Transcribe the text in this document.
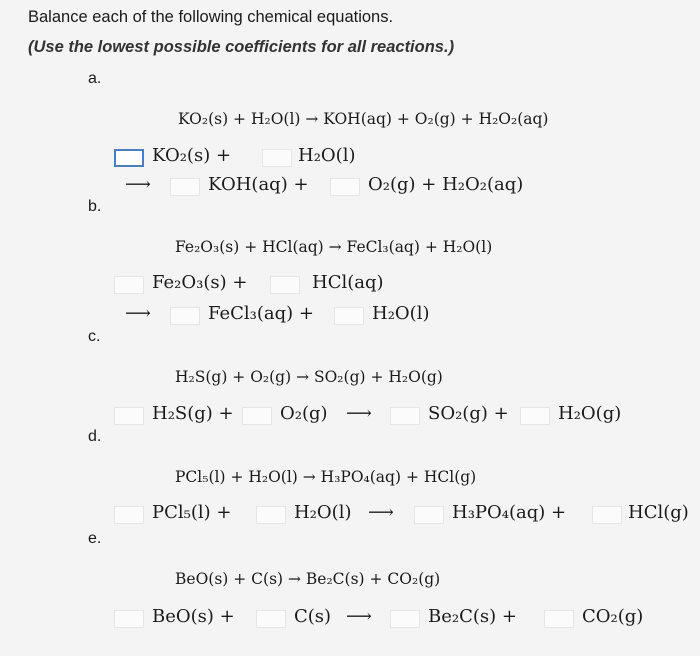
Balance each of the following chemical equations.
(Use the lowest possible coefficients for all reactions.)
a.
b.
c.
d.
e.
KO₂(s) + H₂O(l) → KOH(aq) + O₂(g) + H₂O₂(aq)
KO₂(s) +	H₂O(l)
⟶	KOH(aq) +	O₂(g) + H₂O₂(aq)
Fe₂O₃(s) + HCl(aq) → FeCl₃(aq) + H₂O(l)
Fe₂O₃(s) +	HCl(aq)
⟶	FeCl₃(aq) +	H₂O(l)
H₂S(g) + O₂(g) → SO₂(g) + H₂O(g)
H₂S(g) +	O₂(g) ⟶	SO₂(g) +	H₂O(g)
PCl₅(l) + H₂O(l) → H₃PO₄(aq) + HCl(g)
PCl₅(l) +	H₂O(l) ⟶	H₃PO₄(aq) +	HCl(g)
BeO(s) + C(s) → Be₂C(s) + CO₂(g)
BeO(s) +	C(s) ⟶	Be₂C(s) +	CO₂(g)
